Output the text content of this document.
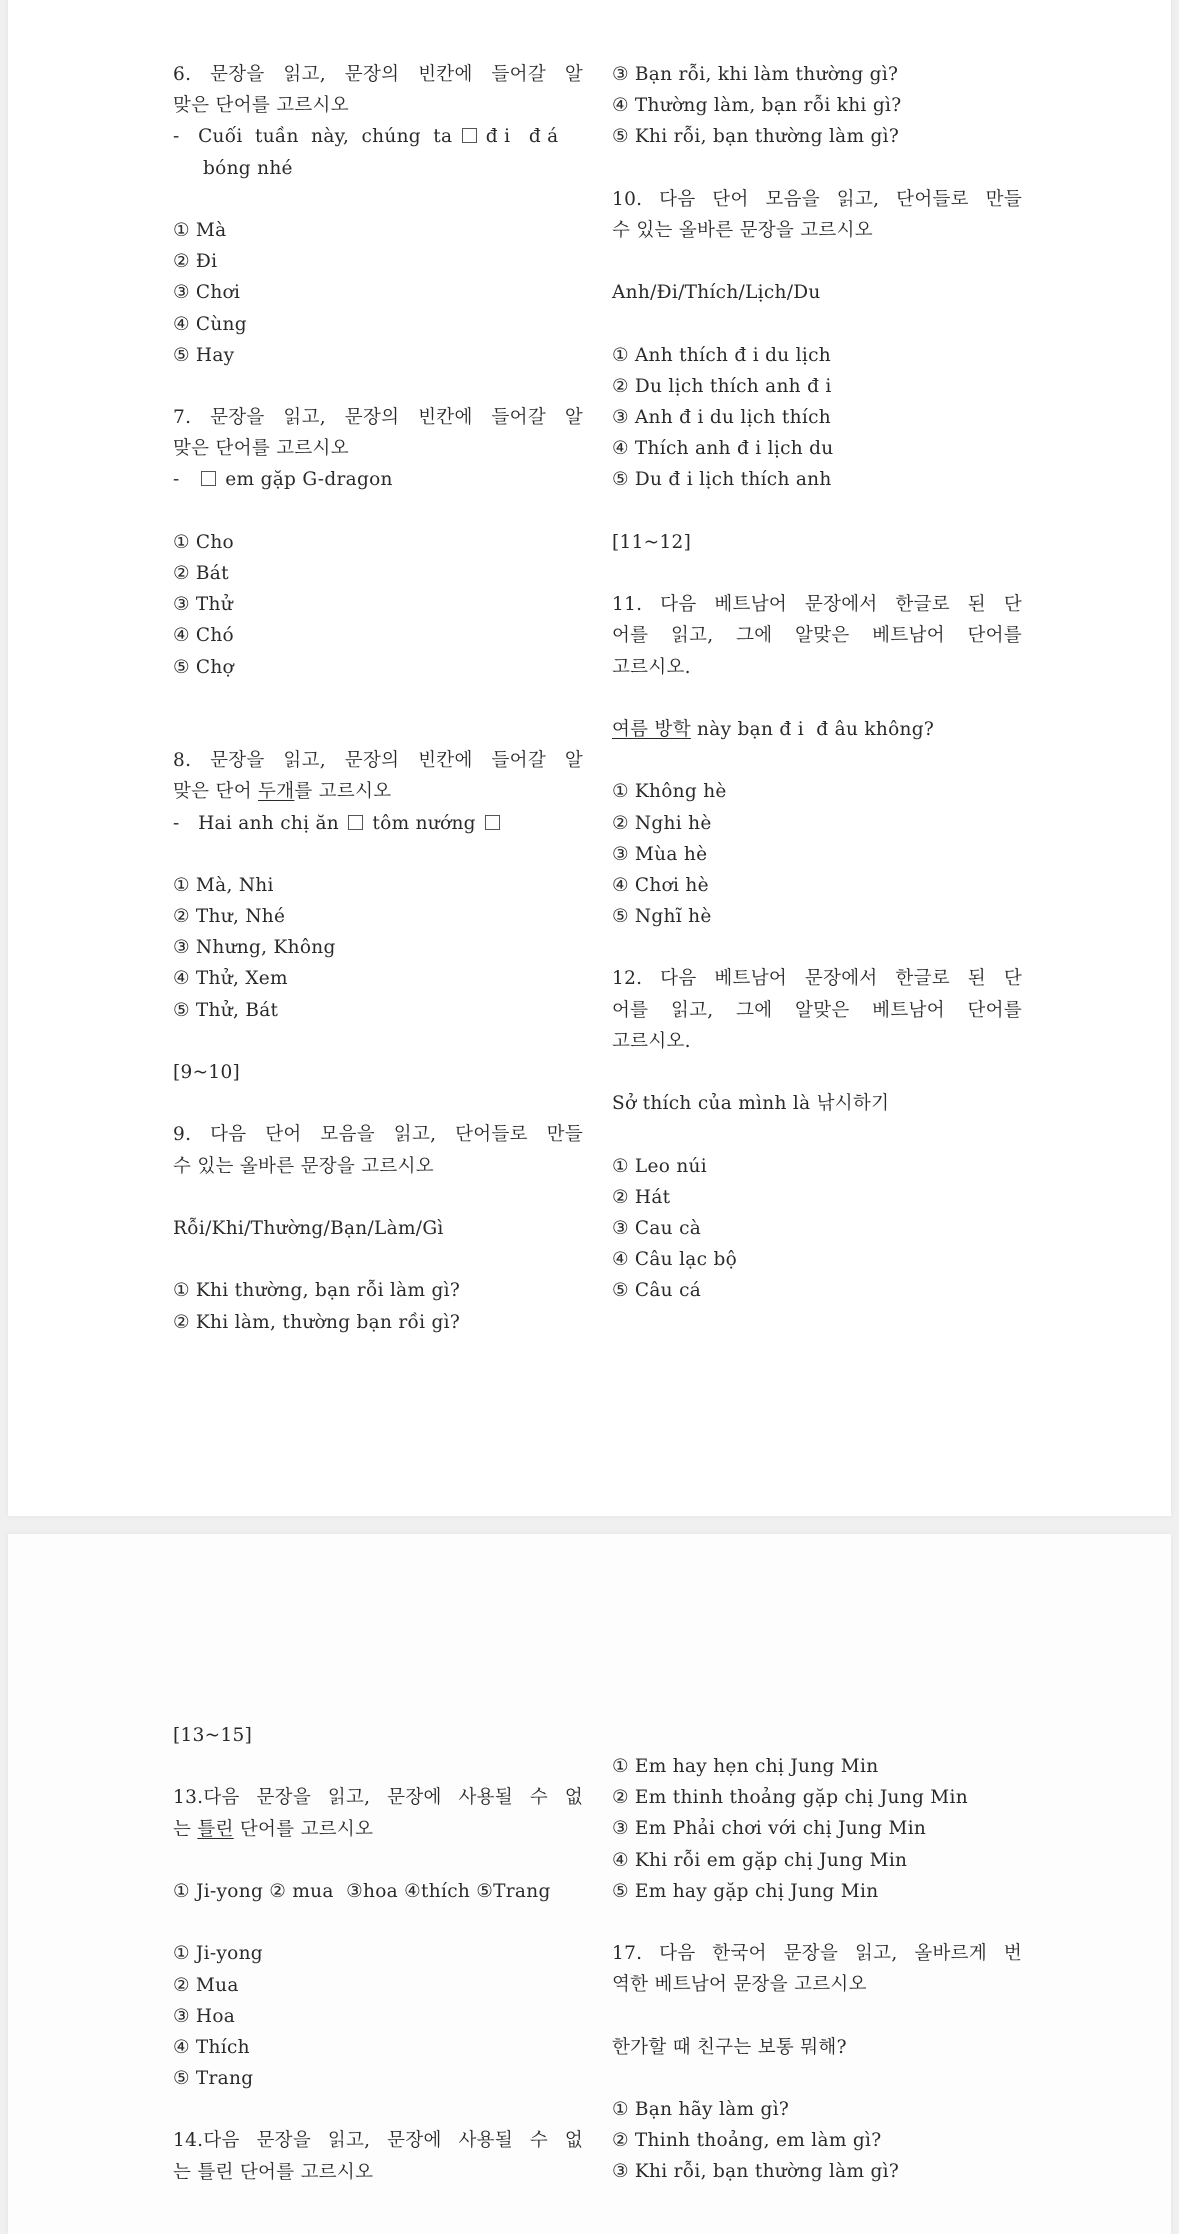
6. 문장을 읽고, 문장의 빈칸에 들어갈 알
맞은 단어를 고르시오
-   Cuối  tuần  này,  chúng  ta đ i   đ á
bóng nhé
① Mà
② Đi
③ Chơi
④ Cùng
⑤ Hay
7. 문장을 읽고, 문장의 빈칸에 들어갈 알
맞은 단어를 고르시오
- em gặp G-dragon
① Cho
② Bát
③ Thử
④ Chó
⑤ Chợ
8. 문장을 읽고, 문장의 빈칸에 들어갈 알
맞은 단어 두개를 고르시오
-   Hai anh chị ăn tôm nướng
① Mà, Nhi
② Thư, Nhé
③ Nhưng, Không
④ Thử, Xem
⑤ Thử, Bát
[9~10]
9. 다음 단어 모음을 읽고, 단어들로 만들
수 있는 올바른 문장을 고르시오
Rỗi/Khi/Thường/Bạn/Làm/Gì
① Khi thường, bạn rỗi làm gì?
② Khi làm, thường bạn rồi gì?
③ Bạn rỗi, khi làm thường gì?
④ Thường làm, bạn rỗi khi gì?
⑤ Khi rỗi, bạn thường làm gì?
10. 다음 단어 모음을 읽고, 단어들로 만들
수 있는 올바른 문장을 고르시오
Anh/Đi/Thích/Lịch/Du
① Anh thích đ i du lịch
② Du lịch thích anh đ i
③ Anh đ i du lịch thích
④ Thích anh đ i lịch du
⑤ Du đ i lịch thích anh
[11~12]
11. 다음 베트남어 문장에서 한글로 된 단
어를 읽고, 그에 알맞은 베트남어 단어를
고르시오.
여름 방학 này bạn đ i  đ âu không?
① Không hè
② Nghi hè
③ Mùa hè
④ Chơi hè
⑤ Nghĩ hè
12. 다음 베트남어 문장에서 한글로 된 단
어를 읽고, 그에 알맞은 베트남어 단어를
고르시오.
Sở thích của mình là 낚시하기
① Leo núi
② Hát
③ Cau cà
④ Câu lạc bộ
⑤ Câu cá
[13~15]
13.다음 문장을 읽고, 문장에 사용될 수 없
는 틀린 단어를 고르시오
① Ji-yong ② mua  ③hoa ④thích ⑤Trang
① Ji-yong
② Mua
③ Hoa
④ Thích
⑤ Trang
14.다음 문장을 읽고, 문장에 사용될 수 없
는 틀린 단어를 고르시오
① Em hay hẹn chị Jung Min
② Em thinh thoảng gặp chị Jung Min
③ Em Phải chơi với chị Jung Min
④ Khi rỗi em gặp chị Jung Min
⑤ Em hay gặp chị Jung Min
17. 다음 한국어 문장을 읽고, 올바르게 번
역한 베트남어 문장을 고르시오
한가할 때 친구는 보통 뭐해?
① Bạn hãy làm gì?
② Thinh thoảng, em làm gì?
③ Khi rỗi, bạn thường làm gì?
